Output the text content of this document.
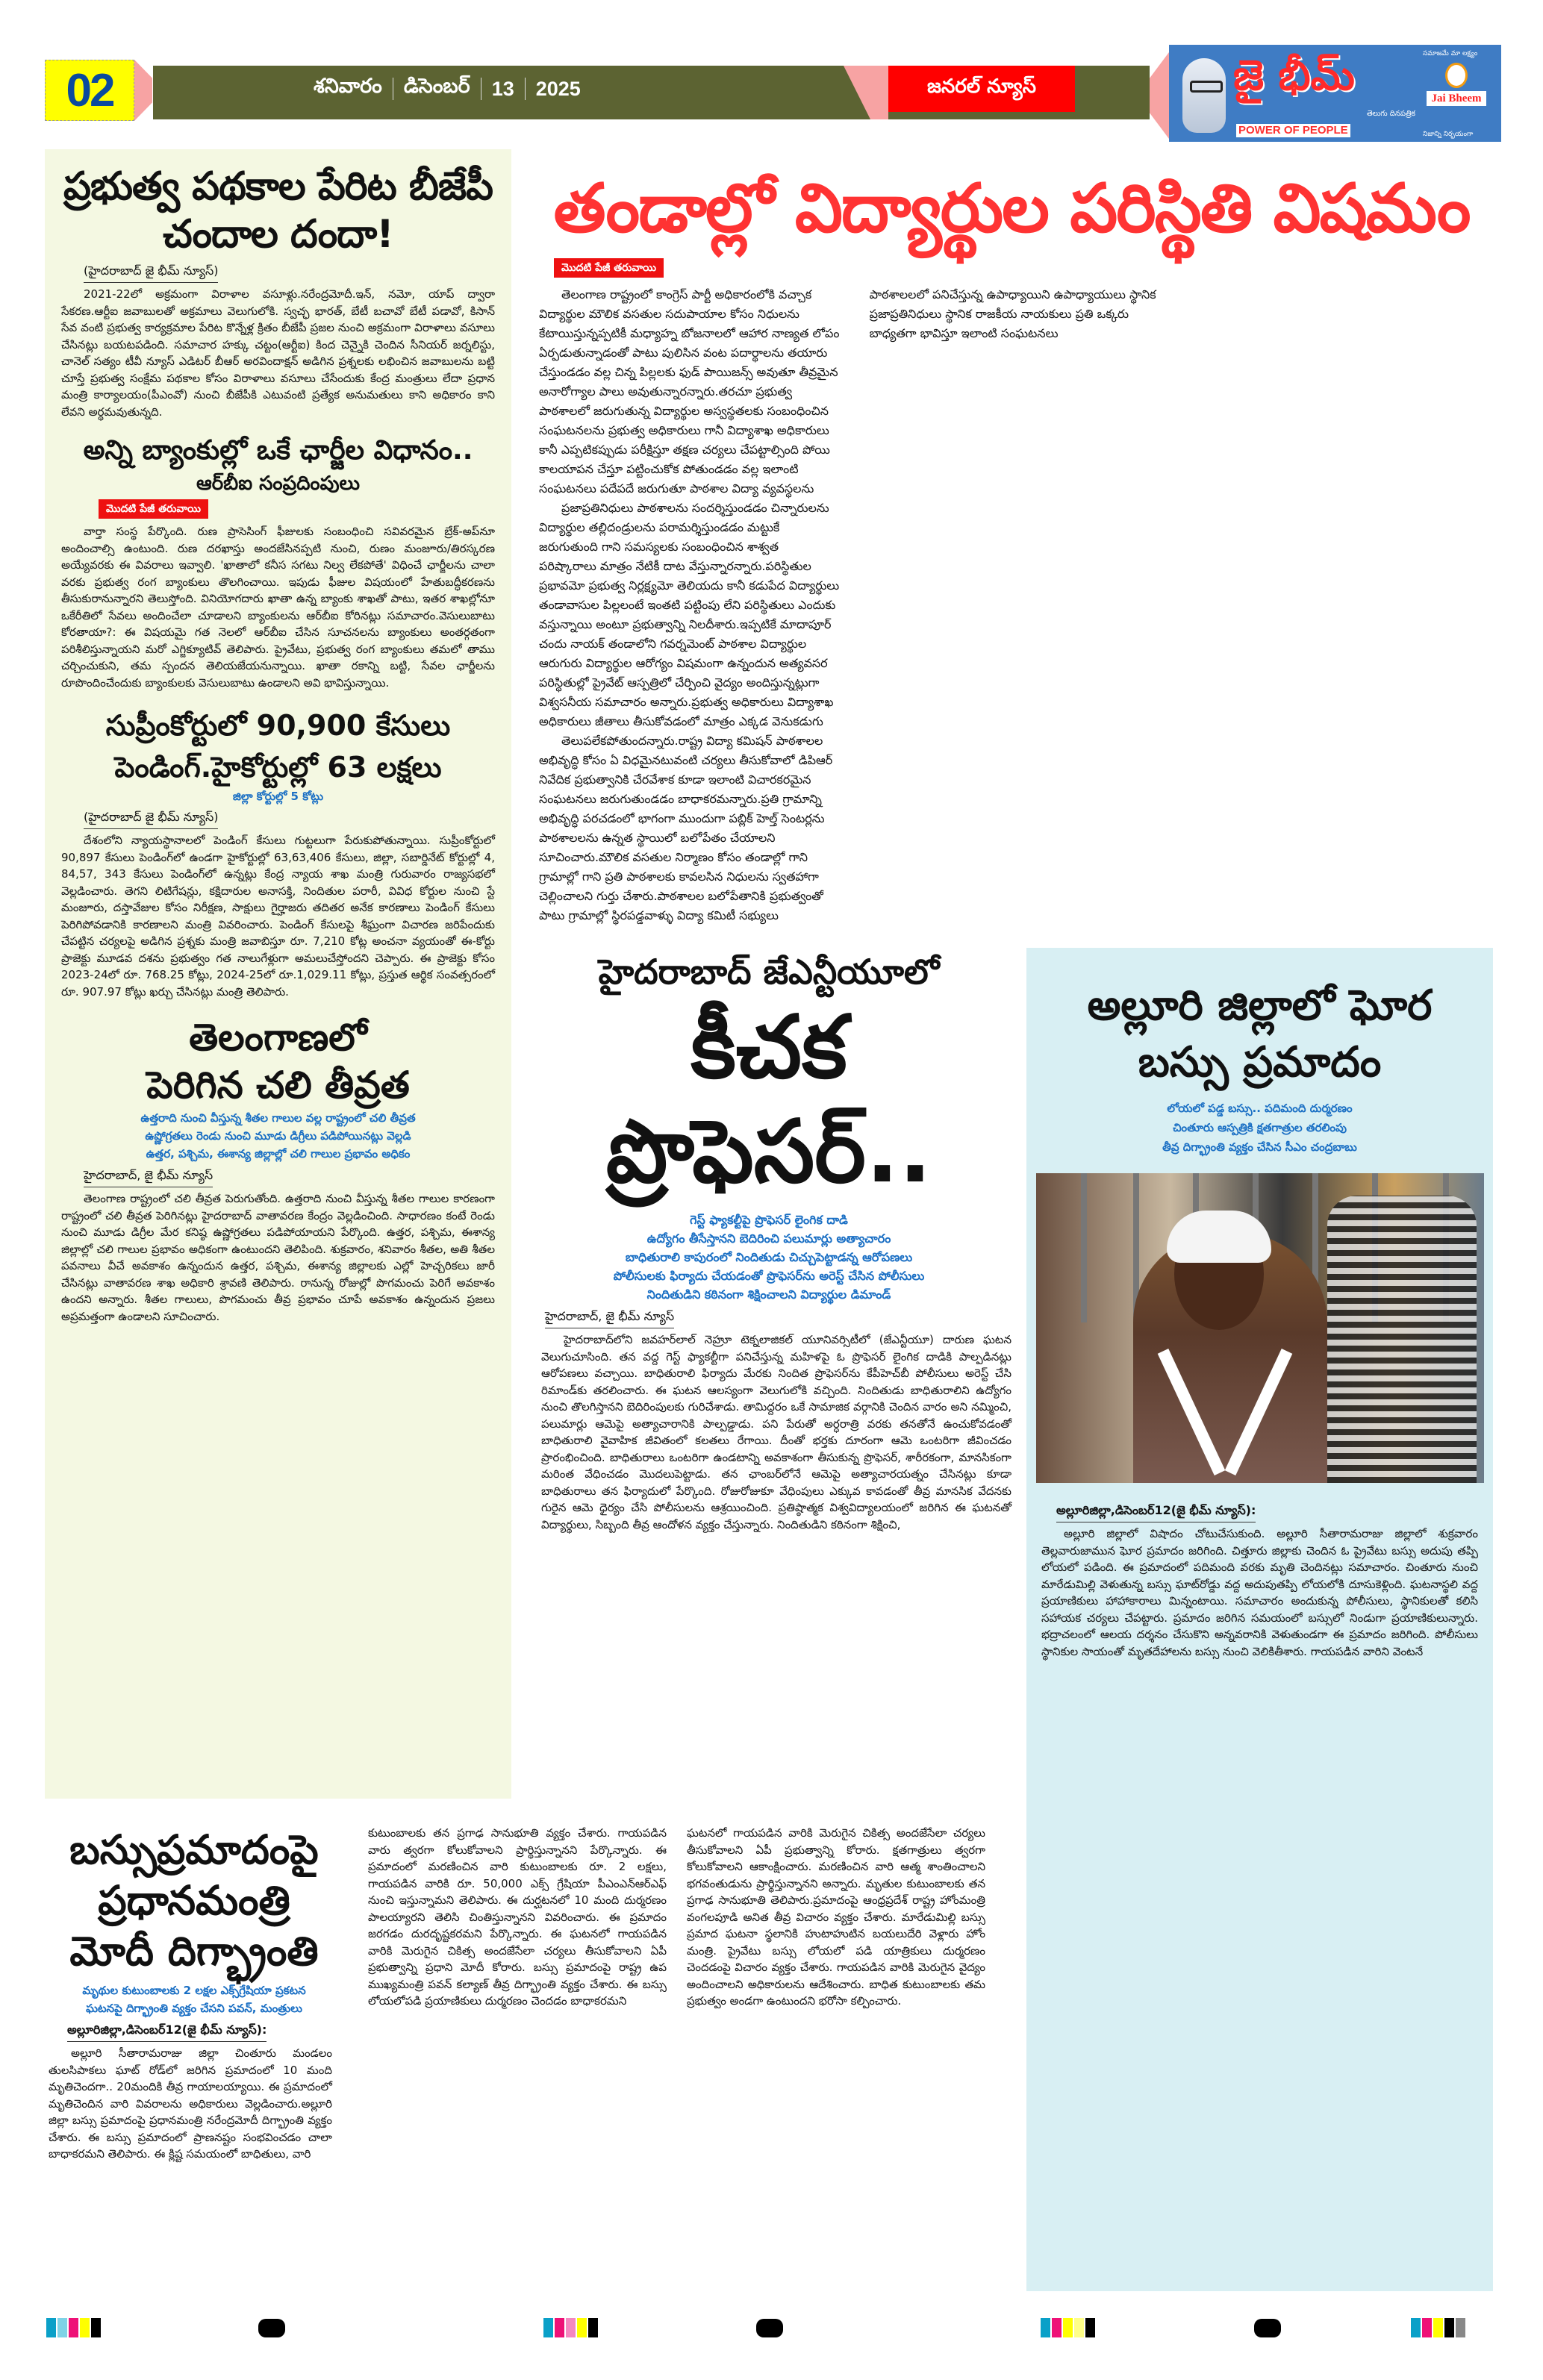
02	శనివారం డిసెంబర్ 13 2025	జనరల్ న్యూస్	జై భీమ్
తెలుగు దినపత్రిక
POWER OF PEOPLE
సమాజమే మా లక్ష్యం
Jai Bheem
నిజాన్ని నిర్భయంగా
ప్రభుత్వ పథకాల పేరిట బీజేపీ చందాల దందా!
(హైదరాబాద్ జై భీమ్ న్యూస్)

2021-22లో అక్రమంగా విరాళాల వసూళ్లు.నరేంద్రమోదీ.ఇన్, నమో, యాప్ ద్వారా సేకరణ.ఆర్టీఐ జవాబులతో అక్రమాలు వెలుగులోకి. స్వచ్ఛ భారత్, బేటీ బచావో బేటీ పడావో, కిసాన్ సేవ వంటి ప్రభుత్వ కార్యక్రమాల పేరిట కొన్నేళ్ల క్రితం బీజేపీ ప్రజల నుంచి అక్రమంగా విరాళాలు వసూలు చేసినట్లు బయటపడింది. సమాచార హక్కు చట్టం(ఆర్టీఐ) కింద చెన్నైకి చెందిన సీనియర్ జర్నలిస్టు, చానెల్ సత్యం టీవీ న్యూస్ ఎడిటర్ బీఆర్ అరవిందాక్షన్ అడిగిన ప్రశ్నలకు లభించిన జవాబులను బట్టి చూస్తే ప్రభుత్వ సంక్షేమ పథకాల కోసం విరాళాలు వసూలు చేసేందుకు కేంద్ర మంత్రులు లేదా ప్రధాన మంత్రి కార్యాలయం(పీఎంవో) నుంచి బీజేపీకి ఎటువంటి ప్రత్యేక అనుమతులు కాని అధికారం కాని లేవని అర్థమవుతున్నది.

అన్ని బ్యాంకుల్లో ఒకే ఛార్జీల విధానం..
ఆర్‌బీఐ సంప్రదింపులు
మొదటి పేజీ తరువాయి

వార్తా సంస్థ పేర్కొంది. రుణ ప్రాసెసింగ్ ఫీజులకు సంబంధించి సవివరమైన బ్రేక్-అప్‌నూ అందించాల్సి ఉంటుంది. రుణ దరఖాస్తు అందజేసినప్పటి నుంచి, రుణం మంజూరు/తిరస్కరణ అయ్యేవరకు ఈ వివరాలు ఇవ్వాలి. 'ఖాతాలో కనీస సగటు నిల్వ లేకపోతే' విధించే ఛార్జీలను చాలా వరకు ప్రభుత్వ రంగ బ్యాంకులు తొలగించాయి. ఇపుడు ఫీజుల విషయంలో హేతుబద్ధీకరణను తీసుకురానున్నారని తెలుస్తోంది. వినియోగదారు ఖాతా ఉన్న బ్యాంకు శాఖతో పాటు, ఇతర శాఖల్లోనూ ఒకేరీతిలో సేవలు అందించేలా చూడాలని బ్యాంకులను ఆర్‌బీఐ కోరినట్లు సమాచారం.వెసులుబాటు కోరతాయా?: ఈ విషయమై గత నెలలో ఆర్‌బీఐ చేసిన సూచనలను బ్యాంకులు అంతర్గతంగా పరిశీలిస్తున్నాయని మరో ఎగ్జిక్యూటివ్ తెలిపారు. ప్రైవేటు, ప్రభుత్వ రంగ బ్యాంకులు తమలో తాము చర్చించుకుని, తమ స్పందన తెలియజేయనున్నాయి. ఖాతా రకాన్ని బట్టి, సేవల ఛార్జీలను రూపొందించేందుకు బ్యాంకులకు వెసులుబాటు ఉండాలని అవి భావిస్తున్నాయి.

సుప్రీంకోర్టులో 90,900 కేసులు పెండింగ్.హైకోర్టుల్లో 63 లక్షలు
జిల్లా కోర్టుల్లో 5 కోట్లు
(హైదరాబాద్ జై భీమ్ న్యూస్)

దేశంలోని న్యాయస్థానాలలో పెండింగ్ కేసులు గుట్టలుగా పేరుకుపోతున్నాయి. సుప్రీంకోర్టులో 90,897 కేసులు పెండింగ్‌లో ఉండగా హైకోర్టుల్లో 63,63,406 కేసులు, జిల్లా, సబార్డినేట్ కోర్టుల్లో 4, 84,57, 343 కేసులు పెండింగ్‌లో ఉన్నట్లు కేంద్ర న్యాయ శాఖ మంత్రి గురువారం రాజ్యసభలో వెల్లడించారు. తెగని లిటిగేషన్లు, కక్షిదారుల అనాసక్తి, నిందితుల పరారీ, వివిధ కోర్టుల నుంచి స్టే మంజూరు, దస్తావేజుల కోసం నిరీక్షణ, సాక్షులు గైర్హాజరు తదితర అనేక కారణాలు పెండింగ్ కేసులు పెరిగిపోవడానికి కారణాలని మంత్రి వివరించారు. పెండింగ్ కేసులపై శీఘ్రంగా విచారణ జరిపేందుకు చేపట్టిన చర్యలపై అడిగిన ప్రశ్నకు మంత్రి జవాబిస్తూ రూ. 7,210 కోట్ల అంచనా వ్యయంతో ఈ-కోర్టు ప్రాజెక్టు మూడవ దశను ప్రభుత్వం గత నాలుగేళ్లుగా అమలుచేస్తోందని చెప్పారు. ఈ ప్రాజెక్టు కోసం 2023-24లో రూ. 768.25 కోట్లు, 2024-25లో రూ.1,029.11 కోట్లు, ప్రస్తుత ఆర్థిక సంవత్సరంలో రూ. 907.97 కోట్లు ఖర్చు చేసినట్లు మంత్రి తెలిపారు.

తెలంగాణలో
పెరిగిన చలి తీవ్రత
ఉత్తరాది నుంచి వీస్తున్న శీతల గాలుల వల్ల రాష్ట్రంలో చలి తీవ్రత
ఉష్ణోగ్రతలు రెండు నుంచి మూడు డిగ్రీలు పడిపోయినట్లు వెల్లడి
ఉత్తర, పశ్చిమ, ఈశాన్య జిల్లాల్లో చలి గాలుల ప్రభావం అధికం
హైదరాబాద్, జై భీమ్ న్యూస్

తెలంగాణ రాష్ట్రంలో చలి తీవ్రత పెరుగుతోంది. ఉత్తరాది నుంచి వీస్తున్న శీతల గాలుల కారణంగా రాష్ట్రంలో చలి తీవ్రత పెరిగినట్లు హైదరాబాద్ వాతావరణ కేంద్రం వెల్లడించింది. సాధారణం కంటే రెండు నుంచి మూడు డిగ్రీల మేర కనిష్ఠ ఉష్ణోగ్రతలు పడిపోయాయని పేర్కొంది. ఉత్తర, పశ్చిమ, ఈశాన్య జిల్లాల్లో చలి గాలుల ప్రభావం అధికంగా ఉంటుందని తెలిపింది. శుక్రవారం, శనివారం శీతల, అతి శీతల పవనాలు వీచే అవకాశం ఉన్నందున ఉత్తర, పశ్చిమ, ఈశాన్య జిల్లాలకు ఎల్లో హెచ్చరికలు జారీ చేసినట్లు వాతావరణ శాఖ అధికారి శ్రావణి తెలిపారు. రానున్న రోజుల్లో పొగమంచు పెరిగే అవకాశం ఉందని అన్నారు. శీతల గాలులు, పొగమంచు తీవ్ర ప్రభావం చూపే అవకాశం ఉన్నందున ప్రజలు అప్రమత్తంగా ఉండాలని సూచించారు.

తండాల్లో విద్యార్థుల పరిస్థితి విషమం
మొదటి పేజీ తరువాయి

తెలంగాణ రాష్ట్రంలో కాంగ్రెస్ పార్టీ అధికారంలోకి వచ్చాక విద్యార్థుల మౌలిక వసతుల సదుపాయాల కోసం నిధులను కేటాయిస్తున్నప్పటికీ మధ్యాహ్న బోజనాలలో ఆహార నాణ్యత లోపం ఏర్పడుతున్నాడంతో పాటు పులిసిన వంట పదార్థాలను తయారు చేస్తుండడం వల్ల చిన్న పిల్లలకు ఫుడ్ పాయిజన్స్ అవుతూ తీవ్రమైన అనారోగ్యాల పాలు అవుతున్నారన్నారు.తరచూ ప్రభుత్వ పాఠశాలలో జరుగుతున్న విద్యార్థుల అస్వస్థతలకు సంబంధించిన సంఘటనలను ప్రభుత్వ అధికారులు గానీ విద్యాశాఖ అధికారులు కానీ ఎప్పటికప్పుడు పరీక్షిస్తూ తక్షణ చర్యలు చేపట్టాల్సింది పోయి కాలయాపన చేస్తూ పట్టించుకోక పోతుండడం వల్ల ఇలాంటి సంఘటనలు పదేపదే జరుగుతూ పాఠశాల విద్యా వ్యవస్థలను

ప్రజాప్రతినిధులు పాఠశాలను సందర్శిస్తుండడం చిన్నారులను విద్యార్థుల తల్లిదండ్రులను పరామర్శిస్తుండడం మట్టుకే జరుగుతుంది గాని సమస్యలకు సంబంధించిన శాశ్వత పరిష్కారాలు మాత్రం నేటికీ దాట వేస్తున్నారన్నారు.పరిస్థితుల ప్రభావమో ప్రభుత్వ నిర్లక్ష్యమో తెలియదు కానీ కడుపేద విద్యార్థులు తండావాసుల పిల్లలంటే ఇంతటి పట్టింపు లేని పరిస్థితులు ఎందుకు వస్తున్నాయి అంటూ ప్రభుత్వాన్ని నిలదీశారు.ఇప్పటికే మాదాపూర్ చందు నాయక్ తండాలోని గవర్నమెంట్ పాఠశాల విద్యార్థుల ఆరుగురు విద్యార్థుల ఆరోగ్యం విషమంగా ఉన్నందున అత్యవసర పరిస్థితుల్లో ప్రైవేట్ ఆస్పత్రిలో చేర్పించి వైద్యం అందిస్తున్నట్లుగా విశ్వసనీయ సమాచారం అన్నారు.ప్రభుత్వ అధికారులు విద్యాశాఖ అధికారులు జీతాలు తీసుకోవడంలో మాత్రం ఎక్కడ వెనుకడుగు

తెలుపలేకపోతుందన్నారు.రాష్ట్ర విద్యా కమిషన్ పాఠశాలల అభివృద్ధి కోసం ఏ విధమైనటువంటి చర్యలు తీసుకోవాలో డిపిఆర్ నివేదిక ప్రభుత్వానికి చేరవేశాక కూడా ఇలాంటి విచారకరమైన సంఘటనలు జరుగుతుండడం బాధాకరమన్నారు.ప్రతి గ్రామాన్ని అభివృద్ధి పరచడంలో భాగంగా ముందుగా పబ్లిక్ హెల్త్ సెంటర్లను పాఠశాలలను ఉన్నత స్థాయిలో బలోపేతం చేయాలని సూచించారు.మౌలిక వసతుల నిర్మాణం కోసం తండాల్లో గాని గ్రామాల్లో గాని ప్రతి పాఠశాలకు కావలసిన నిధులను స్వతహాగా చెల్లించాలని గుర్తు చేశారు.పాఠశాలల బలోపేతానికి ప్రభుత్వంతో పాటు గ్రామాల్లో స్థిరపడ్డవాళ్ళు విద్యా కమిటీ సభ్యులు పాఠశాలలలో పనిచేస్తున్న ఉపాధ్యాయిని ఉపాధ్యాయులు స్థానిక ప్రజాప్రతినిధులు స్థానిక రాజకీయ నాయకులు ప్రతి ఒక్కరు బాధ్యతగా భావిస్తూ ఇలాంటి సంఘటనలు

హైదరాబాద్ జేఎన్టీయూలో
కీచక
ప్రొఫెసర్..
గెస్ట్ ఫ్యాకల్టీపై ప్రొఫెసర్ లైంగిక దాడి
ఉద్యోగం తీసేస్తానని బెదిరించి పలుమార్లు అత్యాచారం
బాధితురాలి కాపురంలో నిందితుడు చిచ్చుపెట్టాడన్న ఆరోపణలు
పోలీసులకు ఫిర్యాదు చేయడంతో ప్రొఫెసర్‌ను అరెస్ట్ చేసిన పోలీసులు
నిందితుడిని కఠినంగా శిక్షించాలని విద్యార్థుల డిమాండ్
హైదరాబాద్, జై భీమ్ న్యూస్
హైదరాబాద్‌లోని జవహర్‌లాల్ నెహ్రూ టెక్నలాజికల్ యూనివర్సిటీలో (జేఎన్టీయూ) దారుణ ఘటన వెలుగుచూసింది. తన వద్ద గెస్ట్ ఫ్యాకల్టీగా పనిచేస్తున్న మహిళపై ఓ ప్రొఫెసర్ లైంగిక దాడికి పాల్పడినట్లు ఆరోపణలు వచ్చాయి. బాధితురాలి ఫిర్యాదు మేరకు నిందిత ప్రొఫెసర్‌ను కేపీహెచ్‌బీ పోలీసులు అరెస్ట్ చేసి రిమాండ్‌కు తరలించారు. ఈ ఘటన ఆలస్యంగా వెలుగులోకి వచ్చింది. నిందితుడు బాధితురాలిని ఉద్యోగం నుంచి తొలగిస్తానని బెదిరింపులకు గురిచేశాడు. తామిద్దరం ఒకే సామాజిక వర్గానికి చెందిన వారం అని నమ్మించి, పలుమార్లు ఆమెపై అత్యాచారానికి పాల్పడ్డాడు. పని పేరుతో అర్ధరాత్రి వరకు తనతోనే ఉంచుకోవడంతో బాధితురాలి వైవాహిక జీవితంలో కలతలు రేగాయి. దీంతో భర్తకు దూరంగా ఆమె ఒంటరిగా జీవించడం ప్రారంభించింది. బాధితురాలు ఒంటరిగా ఉండటాన్ని అవకాశంగా తీసుకున్న ప్రొఫెసర్, శారీరకంగా, మానసికంగా మరింత వేధించడం మొదలుపెట్టాడు. తన ఛాంబర్‌లోనే ఆమెపై అత్యాచారయత్నం చేసినట్లు కూడా బాధితురాలు తన ఫిర్యాదులో పేర్కొంది. రోజురోజుకూ వేధింపులు ఎక్కువ కావడంతో తీవ్ర మానసిక వేదనకు గురైన ఆమె ధైర్యం చేసి పోలీసులను ఆశ్రయించింది. ప్రతిష్ఠాత్మక విశ్వవిద్యాలయంలో జరిగిన ఈ ఘటనతో విద్యార్థులు, సిబ్బంది తీవ్ర ఆందోళన వ్యక్తం చేస్తున్నారు. నిందితుడిని కఠినంగా శిక్షించి,
అల్లూరి జిల్లాలో ఘోర బస్సు ప్రమాదం
లోయలో పడ్డ బస్సు.. పదిమంది దుర్మరణం
చింతూరు ఆస్పత్రికి క్షతగాత్రుల తరలింపు
తీవ్ర దిగ్భ్రాంతి వ్యక్తం చేసిన సీఎం చంద్రబాబు
అల్లూరిజిల్లా,డిసెంబర్12(జై భీమ్ న్యూస్):

అల్లూరి జిల్లాలో విషాదం చోటుచేసుకుంది. అల్లూరి సీతారామరాజు జిల్లాలో శుక్రవారం తెల్లవారుజామున ఘోర ప్రమాదం జరిగింది. చిత్తూరు జిల్లాకు చెందిన ఓ ప్రైవేటు బస్సు అదుపు తప్పి లోయలో పడింది. ఈ ప్రమాదంలో పదిమంది వరకు మృతి చెందినట్లు సమాచారం. చింతూరు నుంచి మారేడుమిల్లి వెళుతున్న బస్సు ఘాట్‌రోడ్డు వద్ద అదుపుతప్పి లోయలోకి దూసుకెళ్లింది. ఘటనాస్థలి వద్ద ప్రయాణికులు హాహాకారాలు మిన్నంటాయి. సమాచారం అందుకున్న పోలీసులు, స్థానికులతో కలిసి సహాయక చర్యలు చేపట్టారు. ప్రమాదం జరిగిన సమయంలో బస్సులో నిండుగా ప్రయాణికులున్నారు. భద్రాచలంలో ఆలయ దర్శనం చేసుకొని అన్నవరానికి వెళుతుండగా ఈ ప్రమాదం జరిగింది. పోలీసులు స్థానికుల సాయంతో మృతదేహాలను బస్సు నుంచి వెలికితీశారు. గాయపడిన వారిని వెంటనే

బస్సుప్రమాదంపై
ప్రధానమంత్రి
మోదీ దిగ్భ్రాంతి
మృథుల కుటుంబాలకు 2 లక్షల ఎక్స్‌గ్రేషియా ప్రకటన
ఘటనపై దిగ్భ్రాంతి వ్యక్తం చేసని పవన్, మంత్రులు
అల్లూరిజిల్లా,డిసెంబర్12(జై భీమ్ న్యూస్):
అల్లూరి సీతారామరాజు జిల్లా చింతూరు మండలం తులసిపాకలు ఘాట్ రోడ్‌లో జరిగిన ప్రమాదంలో 10 మంది మృతిచెందగా.. 20మందికి తీవ్ర గాయాలయ్యాయి. ఈ ప్రమాదంలో మృతిచెందిన వారి వివరాలను అధికారులు వెల్లడించారు.అల్లూరి జిల్లా బస్సు ప్రమాదంపై ప్రధానమంత్రి నరేంద్రమోదీ దిగ్భ్రాంతి వ్యక్తం చేశారు. ఈ బస్సు ప్రమాదంలో ప్రాణనష్టం సంభవించడం చాలా బాధాకరమని తెలిపారు. ఈ క్లిష్ట సమయంలో బాధితులు, వారి
కుటుంబాలకు తన ప్రగాఢ సానుభూతి వ్యక్తం చేశారు. గాయపడిన వారు త్వరగా కోలుకోవాలని ప్రార్థిస్తున్నానని పేర్కొన్నారు. ఈ ప్రమాదంలో మరణించిన వారి కుటుంబాలకు రూ. 2 లక్షలు, గాయపడిన వారికి రూ. 50,000 ఎక్స్ గ్రేషియా పీఎంఎన్ఆర్ఎఫ్ నుంచి ఇస్తున్నామని తెలిపారు. ఈ దుర్ఘటనలో 10 మంది దుర్మరణం పాలయ్యారని తెలిసి చింతిస్తున్నానని వివరించారు. ఈ ప్రమాదం జరగడం దురదృష్టకరమని పేర్కొన్నారు. ఈ ఘటనలో గాయపడిన వారికి మెరుగైన చికిత్స అందజేసేలా చర్యలు తీసుకోవాలని ఏపీ ప్రభుత్వాన్ని ప్రధాని మోదీ కోరారు. బస్సు ప్రమాదంపై రాష్ట్ర ఉప ముఖ్యమంత్రి పవన్ కల్యాణ్ తీవ్ర దిగ్భ్రాంతి వ్యక్తం చేశారు. ఈ బస్సు లోయలోపడి ప్రయాణికులు దుర్మరణం చెందడం బాధాకరమని
ఘటనలో గాయపడిన వారికి మెరుగైన చికిత్స అందజేసేలా చర్యలు తీసుకోవాలని ఏపీ ప్రభుత్వాన్ని కోరారు. క్షతగాత్రులు త్వరగా కోలుకోవాలని ఆకాంక్షించారు. మరణించిన వారి ఆత్మ శాంతించాలని భగవంతుడును ప్రార్థిస్తున్నానని అన్నారు. మృతుల కుటుంబాలకు తన ప్రగాఢ సానుభూతి తెలిపారు.ప్రమాదంపై ఆంధ్రప్రదేశ్ రాష్ట్ర హోంమంత్రి వంగలపూడి అనిత తీవ్ర విచారం వ్యక్తం చేశారు. మారేడుమిల్లి బస్సు ప్రమాద ఘటనా స్థలానికి హుటాహుటిన బయలుదేరి వెళ్లారు హోం మంత్రి. ప్రైవేటు బస్సు లోయలో పడి యాత్రికులు దుర్మరణం చెందడంపై విచారం వ్యక్తం చేశారు. గాయపడిన వారికి మెరుగైన వైద్యం అందించాలని అధికారులను ఆదేశించారు. బాధిత కుటుంబాలకు తమ ప్రభుత్వం అండగా ఉంటుందని భరోసా కల్పించారు.
